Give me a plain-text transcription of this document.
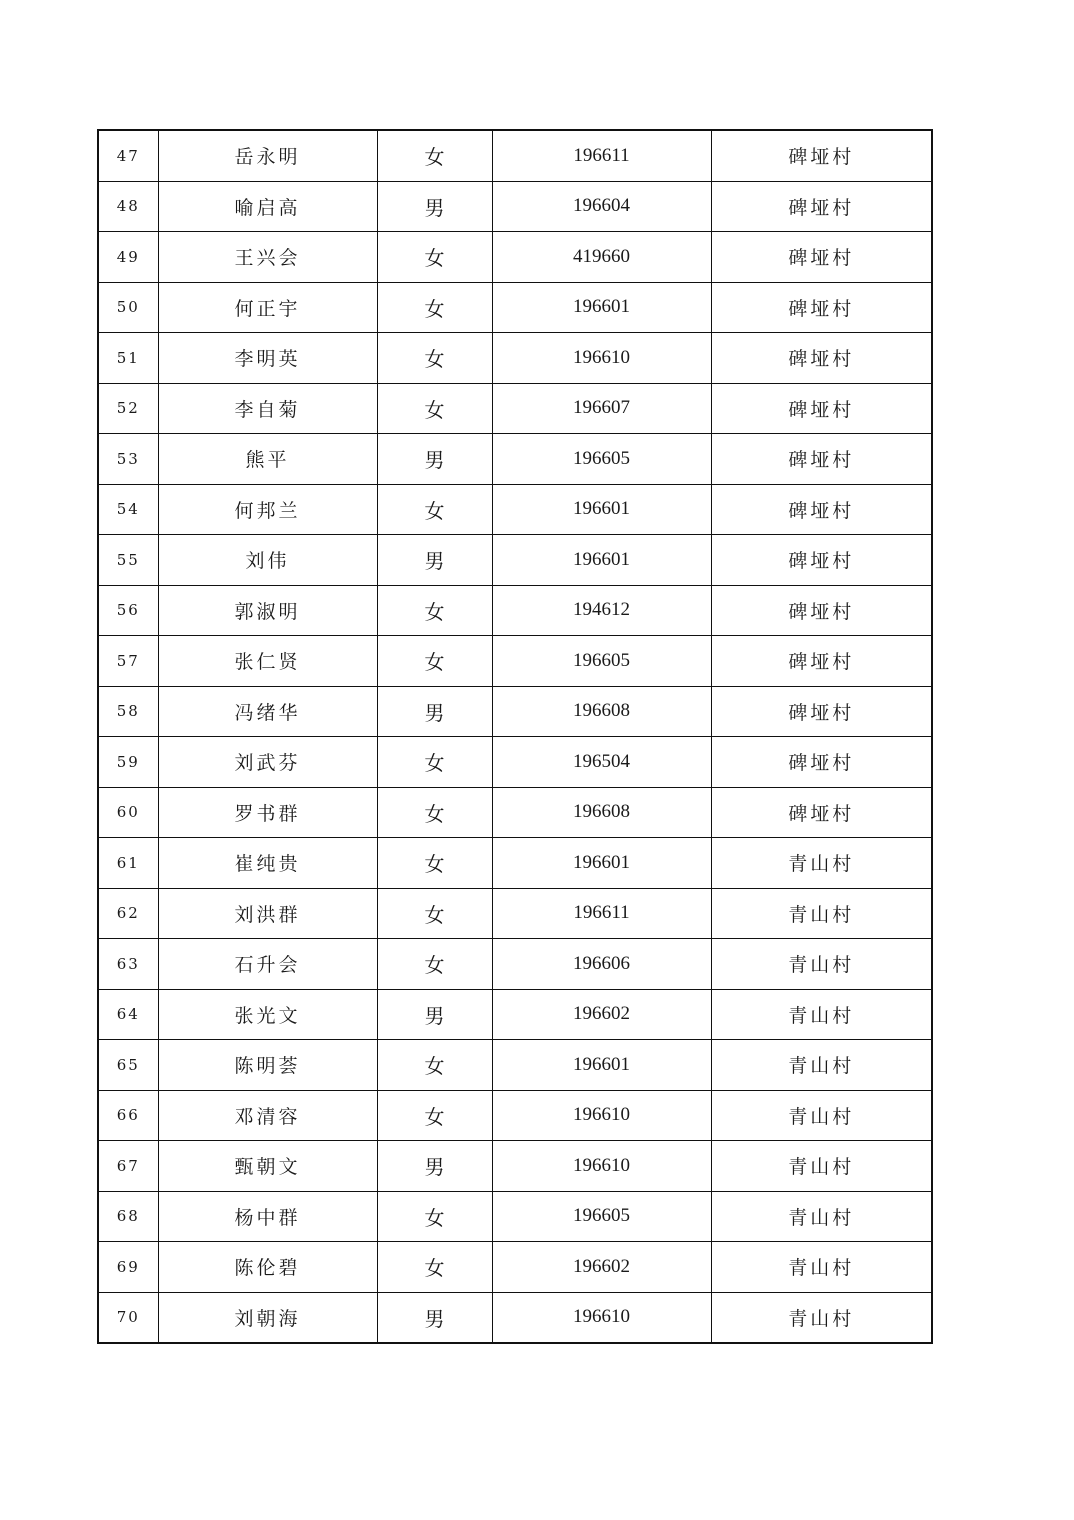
47	岳永明	女	196611	碑垭村
48	喻启高	男	196604	碑垭村
49	王兴会	女	419660	碑垭村
50	何正宇	女	196601	碑垭村
51	李明英	女	196610	碑垭村
52	李自菊	女	196607	碑垭村
53	熊平	男	196605	碑垭村
54	何邦兰	女	196601	碑垭村
55	刘伟	男	196601	碑垭村
56	郭淑明	女	194612	碑垭村
57	张仁贤	女	196605	碑垭村
58	冯绪华	男	196608	碑垭村
59	刘武芬	女	196504	碑垭村
60	罗书群	女	196608	碑垭村
61	崔纯贵	女	196601	青山村
62	刘洪群	女	196611	青山村
63	石升会	女	196606	青山村
64	张光文	男	196602	青山村
65	陈明荟	女	196601	青山村
66	邓清容	女	196610	青山村
67	甄朝文	男	196610	青山村
68	杨中群	女	196605	青山村
69	陈伦碧	女	196602	青山村
70	刘朝海	男	196610	青山村
